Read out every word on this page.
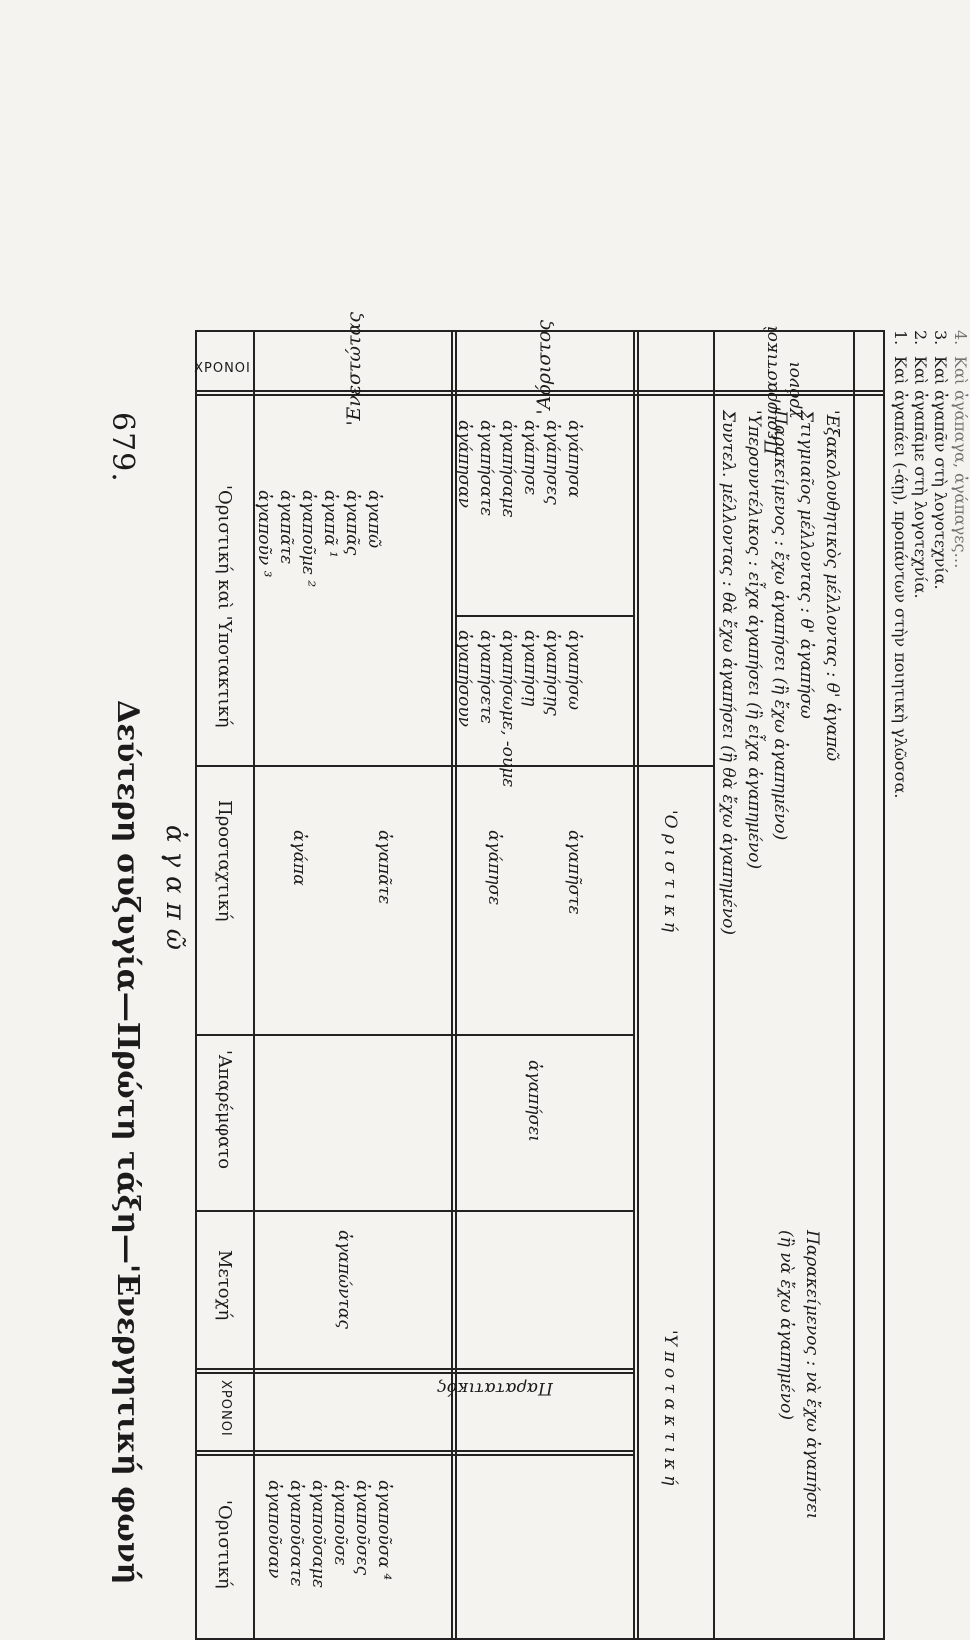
679.
Δεύτερη συζυγία—Πρώτη τάξη—'Ενεργητική φωνή ἀγαπῶ
1.Καὶ ἀγαπάει (-άῃ), προπάντων στὴν ποιητικὴ γλῶσσα.
2.Καὶ ἀγαπᾶμε στὴ λογοτεχνία.
3.Καὶ ἀγαπᾶν στὴ λογοτεχνία.
4.Καὶ ἀγάπαγα, ἀγάπαγες…
XPONOI
'Οριστική καὶ 'Υποτακτική
Προσταχτική
'Απαρέμφατο
Μετοχή
XPONOI
'Οριστική
'Ενεστώτας
ἀγαπῶ
ἀγαπᾶς
ἀγαπᾶ ¹
ἀγαποῦμε ²
ἀγαπᾶτε
ἀγαποῦν ³
ἀγάπα	ἀγαπᾶτε
ἀγαπώντας
Παρατατικός
ἀγαποῦσα ⁴
ἀγαποῦσες
ἀγαποῦσε
ἀγαποῦσαμε
ἀγαποῦσατε
ἀγαποῦσαν
'Αόριστος
ἀγάπησα
ἀγάπησες
ἀγάπησε
ἀγαπήσαμε
ἀγαπήσατε
ἀγάπησαν
ἀγαπήσω
ἀγαπήσῃς
ἀγαπήσῃ
ἀγαπήσωμε, -ουμε
ἀγαπήσετε
ἀγαπήσουν
ἀγάπησε	ἀγαπῆστε
ἀγαπήσει
'Ο ρ ι σ τ ι κ ή
'Υ π ο τ α κ τ ι κ ή
Περιφραστικοὶ χρόνοι
'Εξακολουθητικὸς μέλλοντας : θ' ἀγαπῶ
Στιγμιαῖος μέλλοντας : θ' ἀγαπήσω
Παρακείμενος : ἔχω ἀγαπήσει (ἢ ἔχω ἀγαπημένο)
'Υπερσυντέλικος : εἶχα ἀγαπήσει (ἢ εἶχα ἀγαπημένο)
Συντελ. μέλλοντας : θὰ ἔχω ἀγαπήσει (ἢ θὰ ἔχω ἀγαπημένο)
Παρακείμενος : νὰ ἔχω ἀγαπήσει
(ἢ νὰ ἔχω ἀγαπημένο)
